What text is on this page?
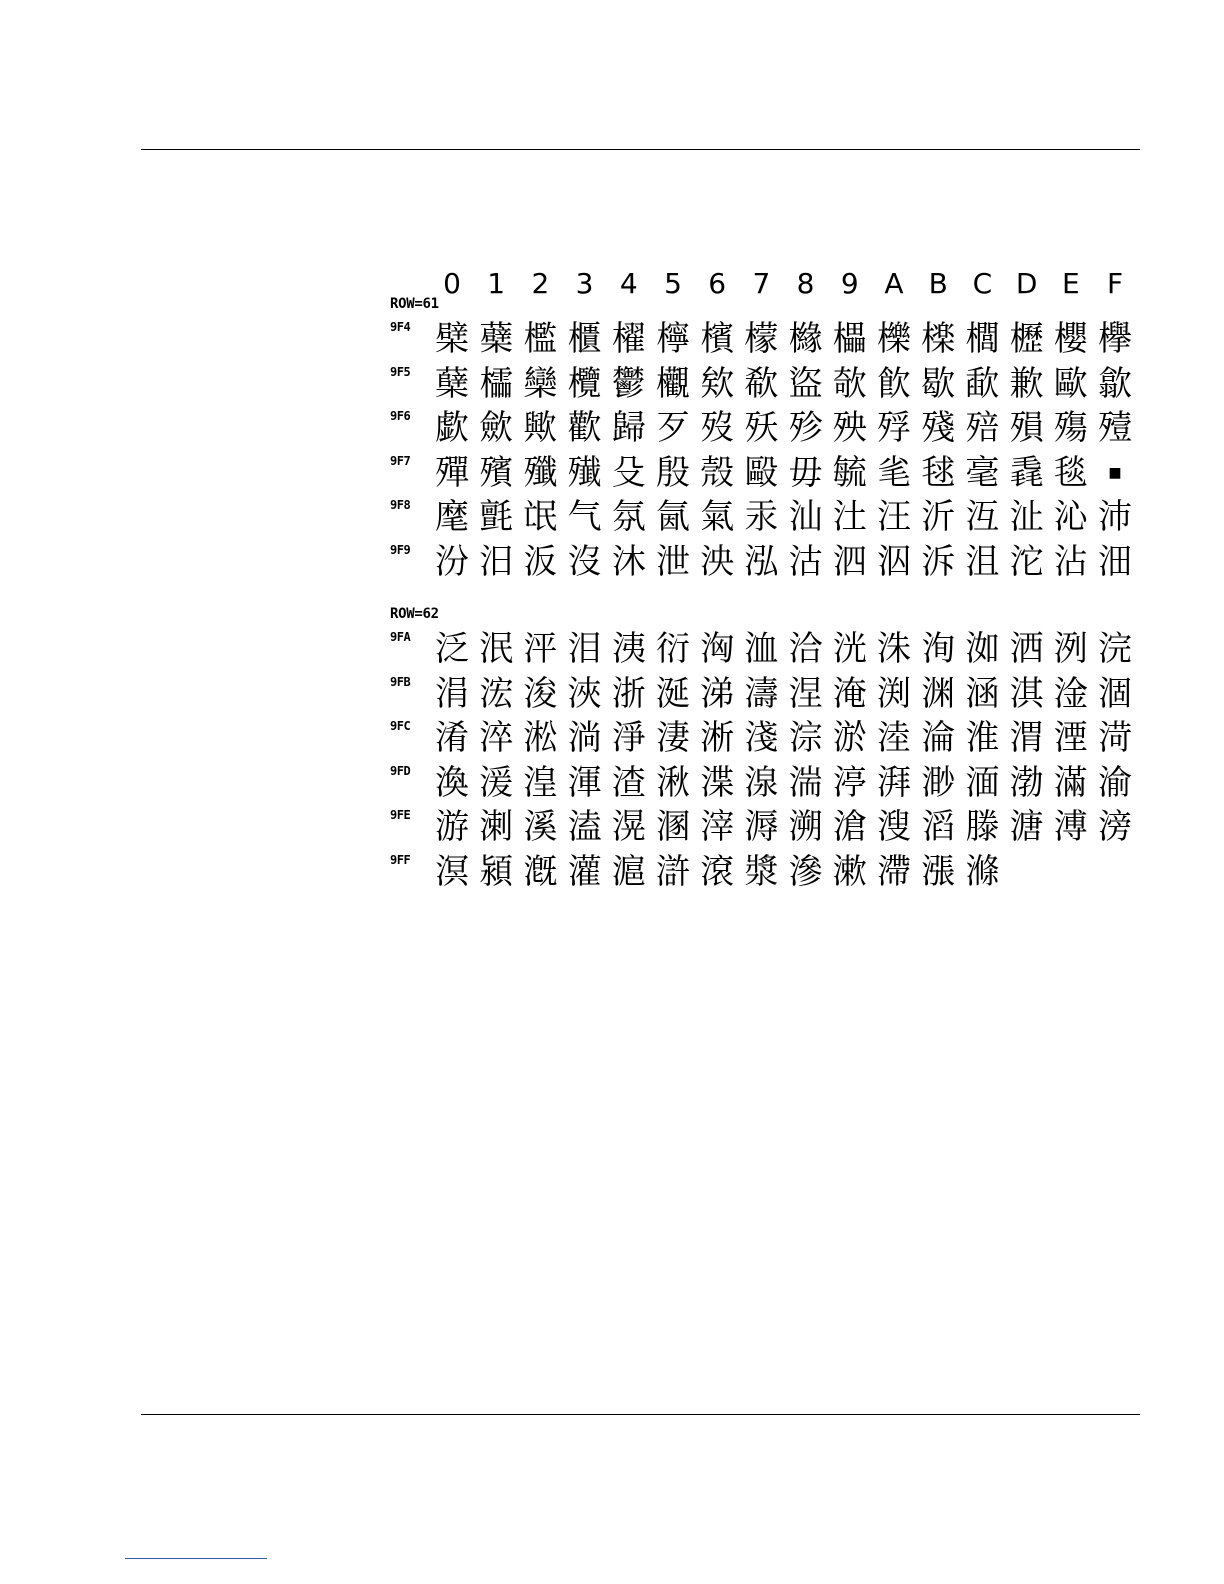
0 1 2 3 4 5 6 7 8 9 A B C D E F
ROW=61
9F4 檗 蘗 檻 櫃 櫂 檸 檳 檬 櫞 櫑 櫟 檪 櫚 櫪 櫻 欅
9F5 蘖 櫺 欒 欖 鬱 欟 欸 欷 盜 欹 飮 歇 歃 歉 歐 歙
9F6 歔 歛 歟 歡 歸 歹 歿 殀 殄 殃 殍 殘 殕 殞 殤 殪
9F7 殫 殯 殲 殱 殳 殷 殼 毆 毋 毓 毟 毬 毫 毳 毯	■
9F8 麾 氈 氓 气 氛 氤 氣 汞 汕 汢 汪 沂 沍 沚 沁 沛
9F9 汾 汨 汳 沒 沐 泄 泱 泓 沽 泗 泅 泝 沮 沱 沾 沺
ROW=62
9FA 泛 泯 泙 泪 洟 衍 洶 洫 洽 洸 洙 洵 洳 洒 洌 浣
9FB 涓 浤 浚 浹 浙 涎 涕 濤 涅 淹 渕 渊 涵 淇 淦 涸
9FC 淆 淬 淞 淌 淨 淒 淅 淺 淙 淤 淕 淪 淮 渭 湮 渮
9FD 渙 湲 湟 渾 渣 湫 渫 湶 湍 渟 湃 渺 湎 渤 滿 渝
9FE 游 溂 溪 溘 滉 溷 滓 溽 溯 滄 溲 滔 滕 溏 溥 滂
9FF 溟 潁 漑 灌 滬 滸 滾 漿 滲 漱 滯 漲 滌
